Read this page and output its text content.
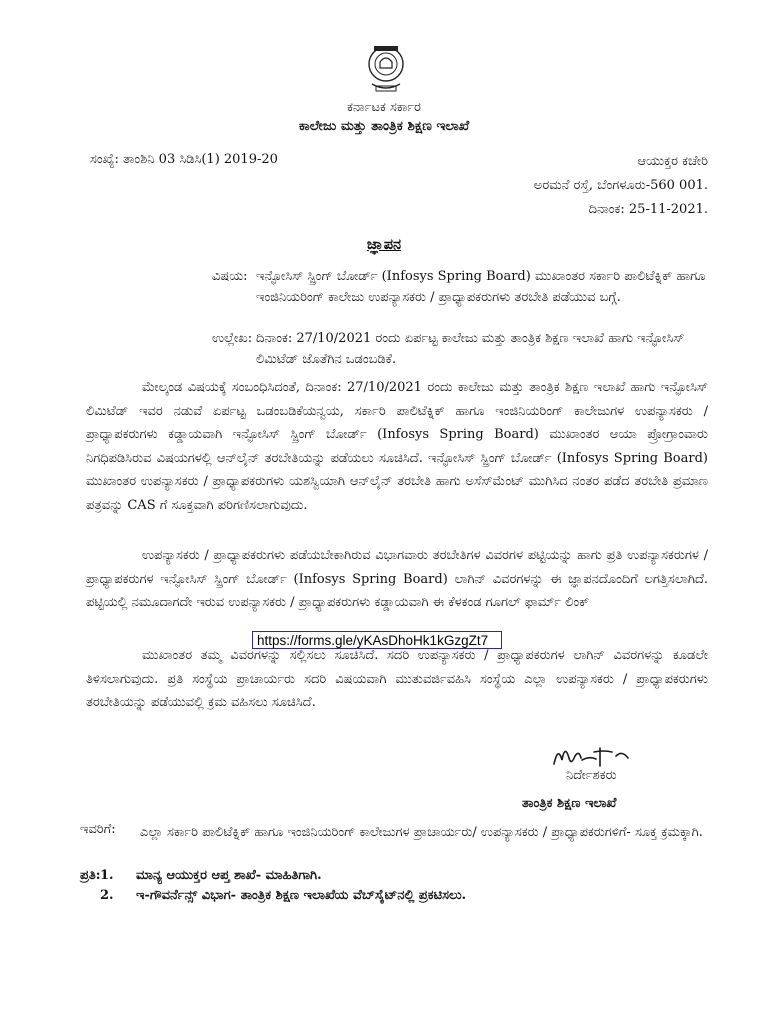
ಕರ್ನಾಟಕ ಸರ್ಕಾರ
ಕಾಲೇಜು ಮತ್ತು ತಾಂತ್ರಿಕ ಶಿಕ್ಷಣ ಇಲಾಖೆ
ಸಂಖ್ಯೆ: ತಾಂಶಿನಿ 03 ಸಿಡಿಸಿ(1) 2019-20	ಆಯುಕ್ತರ ಕಚೇರಿ
ಅರಮನೆ ರಸ್ತೆ, ಬೆಂಗಳೂರು-560 001.
ದಿನಾಂಕ: 25-11-2021.
ಜ್ಞಾಪನ
ವಿಷಯ: ಇನ್ಫೋಸಿಸ್ ಸ್ಪ್ರಿಂಗ್ ಬೋರ್ಡ್ (Infosys Spring Board) ಮುಖಾಂತರ ಸರ್ಕಾರಿ ಪಾಲಿಟೆಕ್ನಿಕ್ ಹಾಗೂ ಇಂಜಿನಿಯರಿಂಗ್ ಕಾಲೇಜು ಉಪನ್ಯಾಸಕರು / ಪ್ರಾಧ್ಯಾಪಕರುಗಳು ತರಬೇತಿ ಪಡೆಯುವ ಬಗ್ಗೆ.
ಉಲ್ಲೇಖ: ದಿನಾಂಕ: 27/10/2021 ರಂದು ಏರ್ಪಟ್ಟ ಕಾಲೇಜು ಮತ್ತು ತಾಂತ್ರಿಕ ಶಿಕ್ಷಣ ಇಲಾಖೆ ಹಾಗು ಇನ್ಫೋಸಿಸ್ ಲಿಮಿಟೆಡ್ ಜೊತೆಗಿನ ಒಡಂಬಡಿಕೆ.
ಮೇಲ್ಕಂಡ ವಿಷಯಕ್ಕೆ ಸಂಬಂಧಿಸಿದಂತೆ, ದಿನಾಂಕ: 27/10/2021 ರಂದು ಕಾಲೇಜು ಮತ್ತು ತಾಂತ್ರಿಕ ಶಿಕ್ಷಣ ಇಲಾಖೆ ಹಾಗು ಇನ್ಫೋಸಿಸ್ ಲಿಮಿಟೆಡ್ ಇವರ ನಡುವೆ ಏರ್ಪಟ್ಟ ಒಡಂಬಡಿಕೆಯನ್ವಯ, ಸರ್ಕಾರಿ ಪಾಲಿಟೆಕ್ನಿಕ್ ಹಾಗೂ ಇಂಜಿನಿಯರಿಂಗ್ ಕಾಲೇಜುಗಳ ಉಪನ್ಯಾಸಕರು / ಪ್ರಾಧ್ಯಾಪಕರುಗಳು ಕಡ್ಡಾಯವಾಗಿ ಇನ್ಫೋಸಿಸ್ ಸ್ಪ್ರಿಂಗ್ ಬೋರ್ಡ್ (Infosys Spring Board) ಮುಖಾಂತರ ಆಯಾ ಪ್ರೋಗ್ರಾಂವಾರು ನಿಗಧಿಪಡಿಸಿರುವ ವಿಷಯಗಳಲ್ಲಿ ಆನ್‌ಲೈನ್ ತರಬೇತಿಯನ್ನು ಪಡೆಯಲು ಸೂಚಿಸಿದೆ. ಇನ್ಫೋಸಿಸ್ ಸ್ಪ್ರಿಂಗ್ ಬೋರ್ಡ್ (Infosys Spring Board) ಮುಖಾಂತರ ಉಪನ್ಯಾಸಕರು / ಪ್ರಾಧ್ಯಾಪಕರುಗಳು ಯಶಸ್ವಿಯಾಗಿ ಆನ್‌ಲೈನ್ ತರಬೇತಿ ಹಾಗು ಅಸೆಸ್‌ಮೆಂಟ್ ಮುಗಿಸಿದ ನಂತರ ಪಡೆದ ತರಬೇತಿ ಪ್ರಮಾಣ ಪತ್ರವನ್ನು CAS ಗೆ ಸೂಕ್ತವಾಗಿ ಪರಿಗಣಿಸಲಾಗುವುದು.
ಉಪನ್ಯಾಸಕರು / ಪ್ರಾಧ್ಯಾಪಕರುಗಳು ಪಡೆಯಬೇಕಾಗಿರುವ ವಿಭಾಗವಾರು ತರಬೇತಿಗಳ ವಿವರಗಳ ಪಟ್ಟಿಯನ್ನು ಹಾಗು ಪ್ರತಿ ಉಪನ್ಯಾಸಕರುಗಳ / ಪ್ರಾಧ್ಯಾಪಕರುಗಳ ಇನ್ಫೋಸಿಸ್ ಸ್ಪ್ರಿಂಗ್ ಬೋರ್ಡ್ (Infosys Spring Board) ಲಾಗಿನ್ ವಿವರಗಳನ್ನು ಈ ಜ್ಞಾಪನದೊಂದಿಗೆ ಲಗತ್ತಿಸಲಾಗಿದೆ. ಪಟ್ಟಿಯಲ್ಲಿ ನಮೂದಾಗದೇ ಇರುವ ಉಪನ್ಯಾಸಕರು / ಪ್ರಾಧ್ಯಾಪಕರುಗಳು ಕಡ್ಡಾಯವಾಗಿ ಈ ಕೆಳಕಂಡ ಗೂಗಲ್ ಫಾರ್ಮ್ ಲಿಂಕ್
https://forms.gle/yKAsDhoHk1kGzgZt7
ಮುಖಾಂತರ ತಮ್ಮ ವಿವರಗಳನ್ನು ಸಲ್ಲಿಸಲು ಸೂಚಿಸಿದೆ. ಸದರಿ ಉಪನ್ಯಾಸಕರು / ಪ್ರಾಧ್ಯಾಪಕರುಗಳ ಲಾಗಿನ್ ವಿವರಗಳನ್ನು ಕೂಡಲೇ ತಿಳಿಸಲಾಗುವುದು. ಪ್ರತಿ ಸಂಸ್ಥೆಯ ಪ್ರಾಚಾರ್ಯರು ಸದರಿ ವಿಷಯವಾಗಿ ಮುತುವರ್ಜಿವಹಿಸಿ ಸಂಸ್ಥೆಯ ಎಲ್ಲಾ ಉಪನ್ಯಾಸಕರು / ಪ್ರಾಧ್ಯಾಪಕರುಗಳು ತರಬೇತಿಯನ್ನು ಪಡೆಯುವಲ್ಲಿ ಕ್ರಮ ವಹಿಸಲು ಸೂಚಿಸಿದೆ.
ನಿರ್ದೇಶಕರು
ತಾಂತ್ರಿಕ ಶಿಕ್ಷಣ ಇಲಾಖೆ
ಇವರಿಗೆ: ಎಲ್ಲಾ ಸರ್ಕಾರಿ ಪಾಲಿಟೆಕ್ನಿಕ್ ಹಾಗೂ ಇಂಜಿನಿಯರಿಂಗ್ ಕಾಲೇಜುಗಳ ಪ್ರಾಚಾರ್ಯರು/ ಉಪನ್ಯಾಸಕರು / ಪ್ರಾಧ್ಯಾಪಕರುಗಳಿಗೆ- ಸೂಕ್ತ ಕ್ರಮಕ್ಕಾಗಿ.
ಪ್ರತಿ: 1. ಮಾನ್ಯ ಆಯುಕ್ತರ ಆಪ್ತ ಶಾಖೆ- ಮಾಹಿತಿಗಾಗಿ.
2. ಇ-ಗೌವರ್ನೆನ್ಸ್ ವಿಭಾಗ- ತಾಂತ್ರಿಕ ಶಿಕ್ಷಣ ಇಲಾಖೆಯ ವೆಬ್‌ಸೈಟ್‌ನಲ್ಲಿ ಪ್ರಕಟಿಸಲು.
